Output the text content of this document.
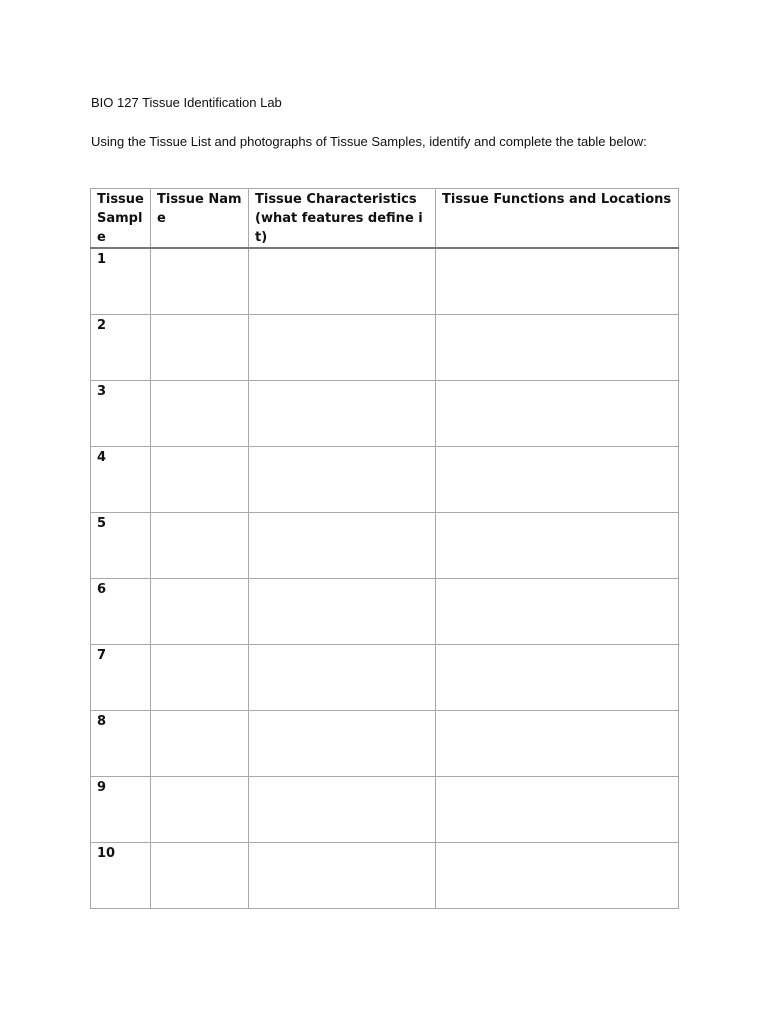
BIO 127 Tissue Identification Lab
Using the Tissue List and photographs of Tissue Samples, identify and complete the table below:
Tissue Sample	Tissue Name	Tissue Characteristics (what features define it)	Tissue Functions and Locations
1			
2			
3			
4			
5			
6			
7			
8			
9			
10			
